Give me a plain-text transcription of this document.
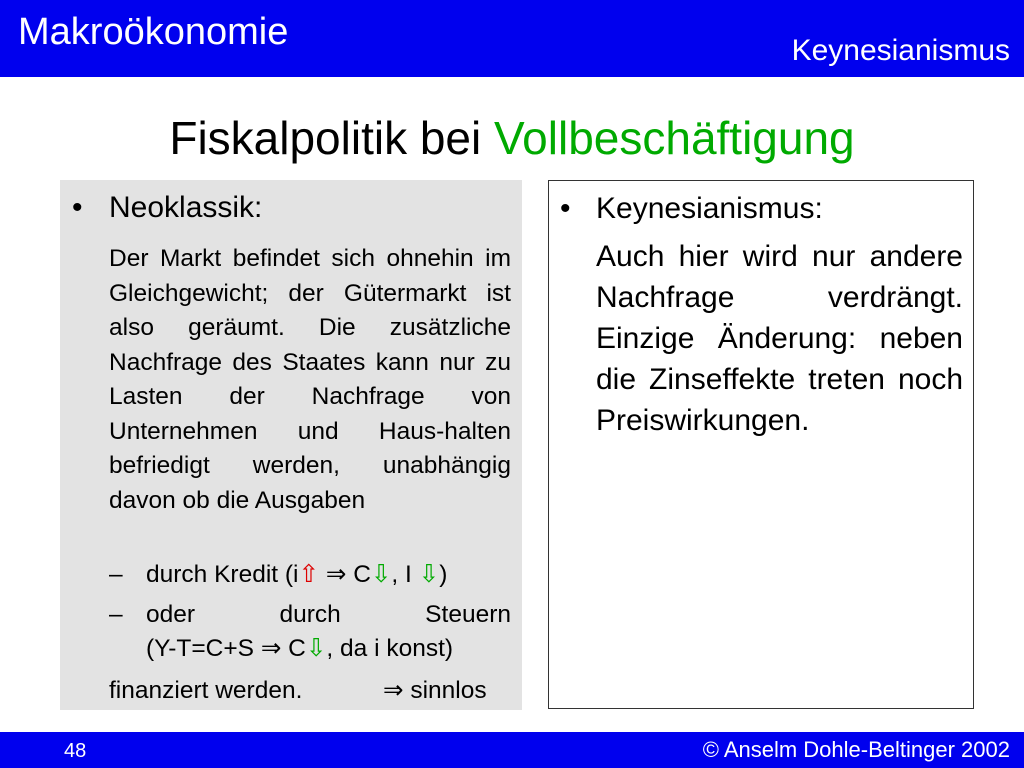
Makroökonomie	Keynesianismus
Fiskalpolitik bei Vollbeschäftigung
• Neoklassik:
Der Markt befindet sich ohnehin im Gleichgewicht; der Gütermarkt ist also geräumt. Die zusätzliche Nachfrage des Staates kann nur zu Lasten der Nachfrage von Unternehmen und Haus-halten befriedigt werden, unabhängig davon ob die Ausgaben
– durch Kredit (i⇧ ⇒ C⇩, I ⇩)
– oder durch Steuern
(Y-T=C+S ⇒ C⇩, da i konst)
finanziert werden.	⇒ sinnlos
• Keynesianismus:
Auch hier wird nur andere Nachfrage verdrängt. Einzige Änderung: neben die Zinseffekte treten noch Preiswirkungen.
48	© Anselm Dohle-Beltinger 2002
